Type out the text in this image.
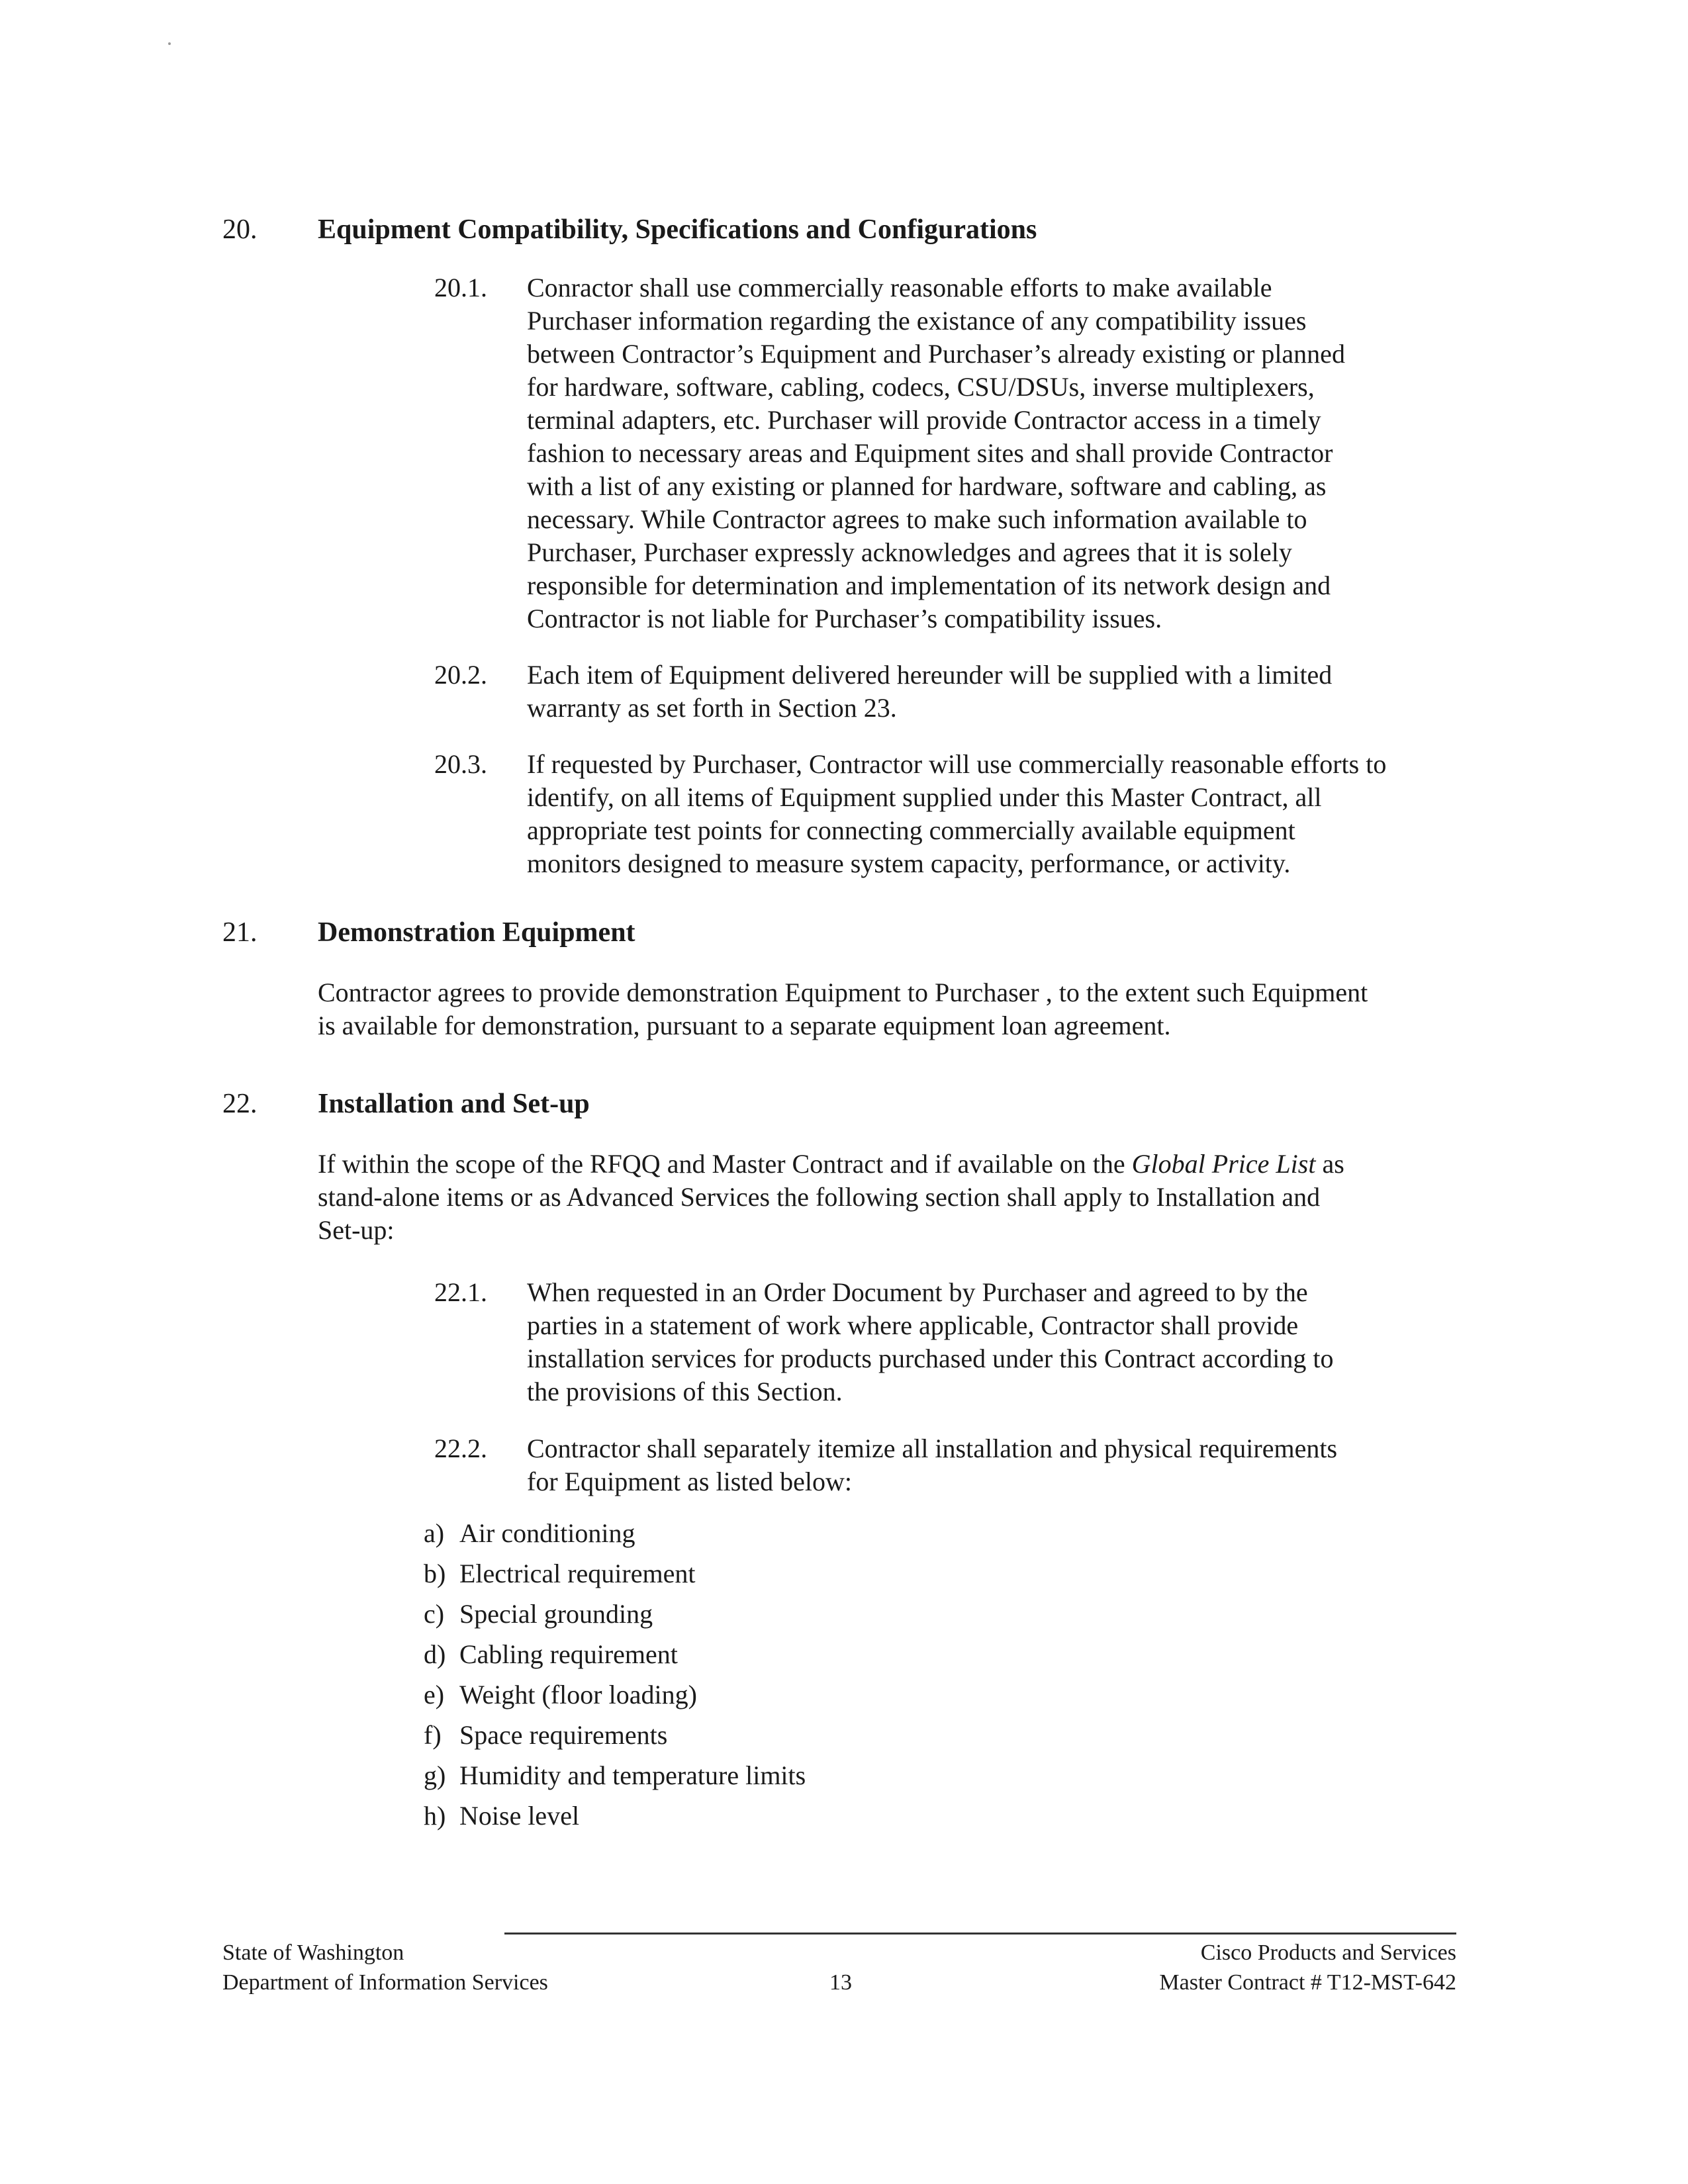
20. Equipment Compatibility, Specifications and Configurations
20.1. Conractor shall use commercially reasonable efforts to make available
Purchaser information regarding the existance of any compatibility issues
between Contractor’s Equipment and Purchaser’s already existing or planned
for hardware, software, cabling, codecs, CSU/DSUs, inverse multiplexers,
terminal adapters, etc. Purchaser will provide Contractor access in a timely
fashion to necessary areas and Equipment sites and shall provide Contractor
with a list of any existing or planned for hardware, software and cabling, as
necessary. While Contractor agrees to make such information available to
Purchaser, Purchaser expressly acknowledges and agrees that it is solely
responsible for determination and implementation of its network design and
Contractor is not liable for Purchaser’s compatibility issues.
20.2. Each item of Equipment delivered hereunder will be supplied with a limited
warranty as set forth in Section 23.
20.3. If requested by Purchaser, Contractor will use commercially reasonable efforts to
identify, on all items of Equipment supplied under this Master Contract, all
appropriate test points for connecting commercially available equipment
monitors designed to measure system capacity, performance, or activity.
21. Demonstration Equipment
Contractor agrees to provide demonstration Equipment to Purchaser , to the extent such Equipment
is available for demonstration, pursuant to a separate equipment loan agreement.
22. Installation and Set-up
If within the scope of the RFQQ and Master Contract and if available on the Global Price List as
stand-alone items or as Advanced Services the following section shall apply to Installation and
Set-up:
22.1. When requested in an Order Document by Purchaser and agreed to by the
parties in a statement of work where applicable, Contractor shall provide
installation services for products purchased under this Contract according to
the provisions of this Section.
22.2. Contractor shall separately itemize all installation and physical requirements
for Equipment as listed below:
a) Air conditioning
b) Electrical requirement
c) Special grounding
d) Cabling requirement
e) Weight (floor loading)
f) Space requirements
g) Humidity and temperature limits
h) Noise level
State of Washington
Department of Information Services	13
Cisco Products and Services
Master Contract # T12-MST-642
